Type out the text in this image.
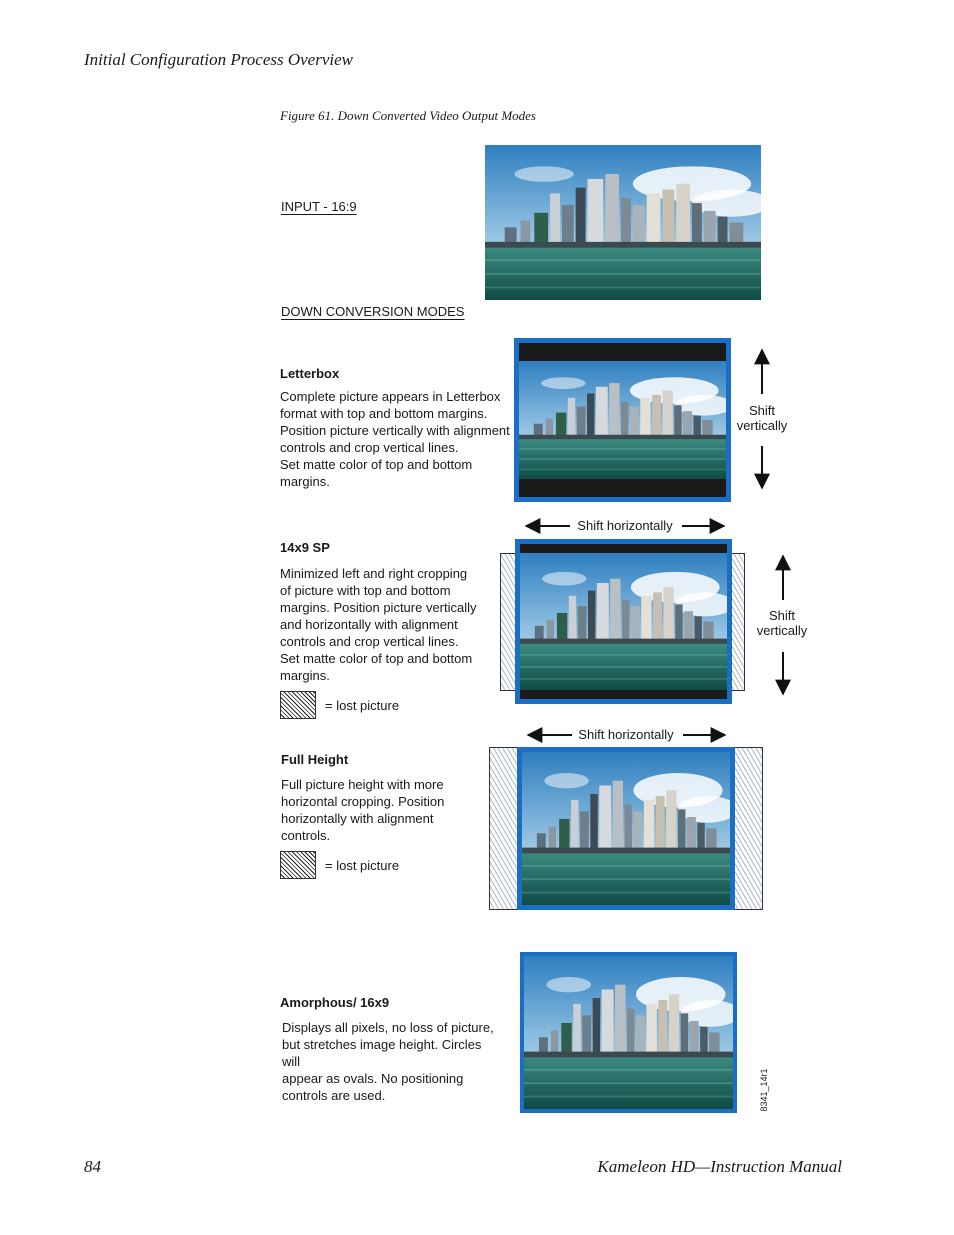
Initial Configuration Process Overview
Figure 61. Down Converted Video Output Modes
INPUT - 16:9
DOWN CONVERSION MODES
Letterbox
Complete picture appears in Letterbox
format with top and bottom margins.
Position picture vertically with alignment
controls and crop vertical lines.
Set matte color of top and bottom
margins.
Shift
vertically
Shift horizontally
14x9 SP
Minimized left and right cropping
of picture with top and bottom
margins. Position picture vertically
and horizontally with alignment
controls and crop vertical lines.
Set matte color of top and bottom
margins.
= lost picture
Shift
vertically
Shift horizontally
Full Height
Full picture height with more
horizontal cropping. Position
horizontally with alignment
controls.
= lost picture
Amorphous/ 16x9
Displays all pixels, no loss of picture,
but stretches image height. Circles will
appear as ovals. No positioning
controls are used.	8341_14r1
84	Kameleon HD—Instruction Manual
